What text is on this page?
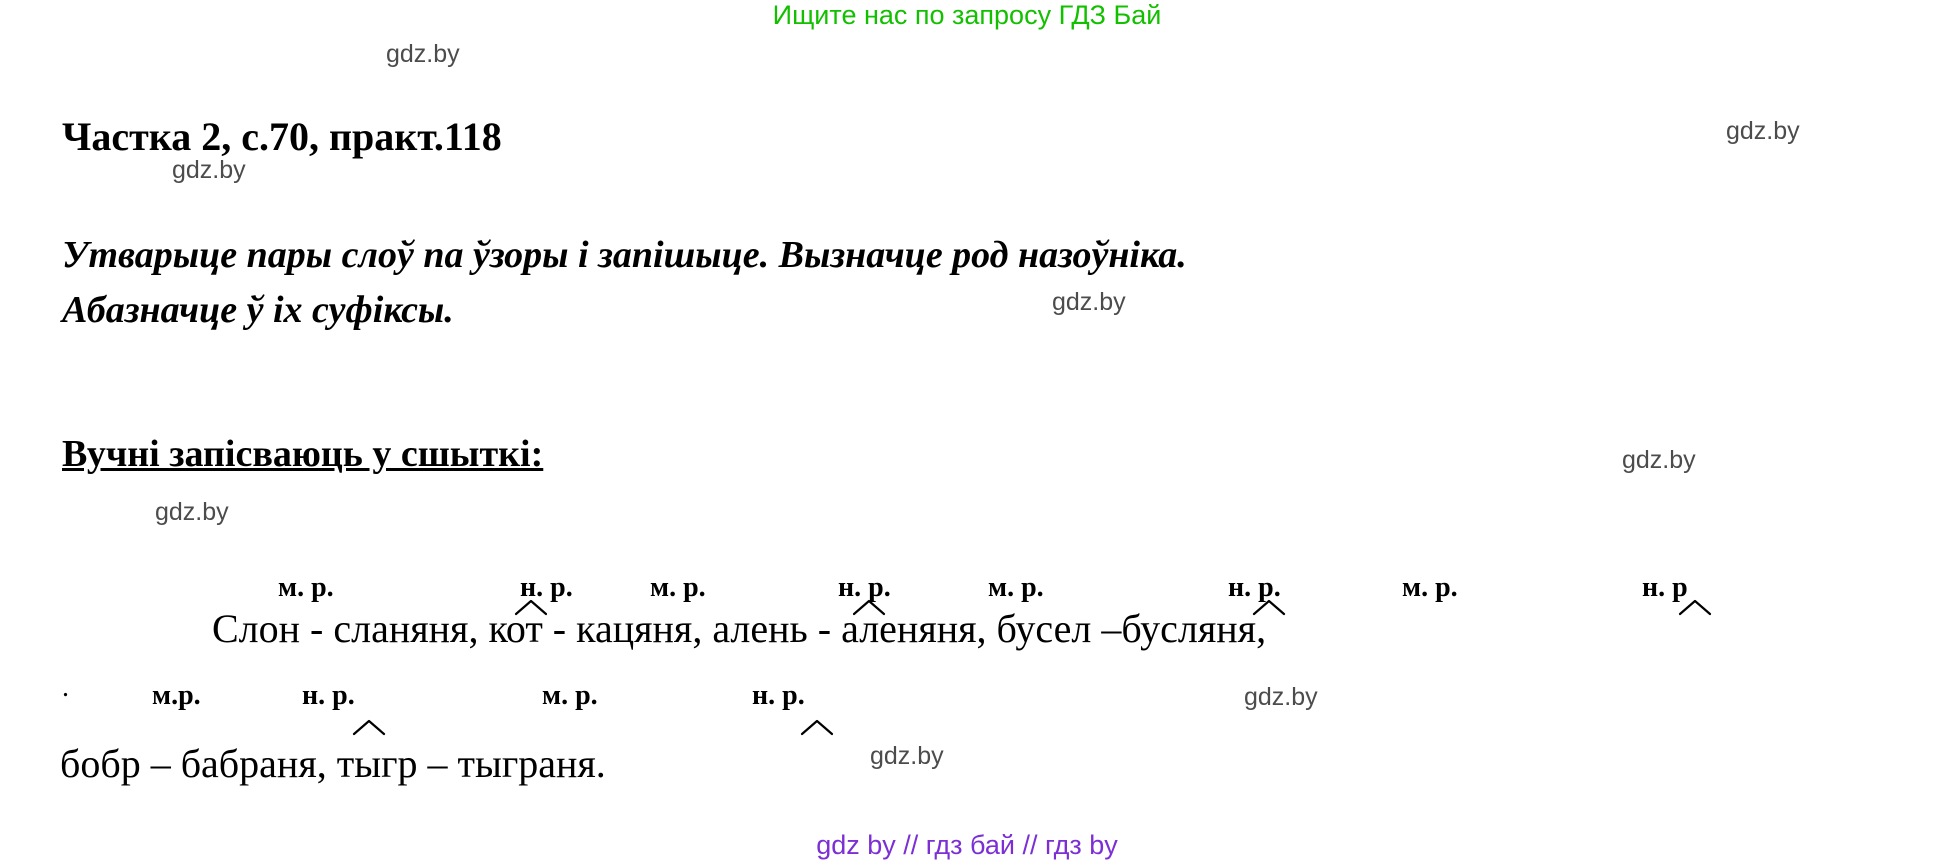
Ищите нас по запросу ГДЗ Бай
gdz.by
gdz.by
gdz.by
gdz.by
gdz.by
gdz.by
gdz.by
gdz.by
Частка 2, с.70, практ.118
Утварыце пары слоў па ўзоры і запішыце. Вызначце род назоўніка.
Абазначце ў іх суфіксы.
Вучні запісваюць у сшыткі:
м. р.	н. р.	м. р.	н. р.	м. р.	н. р.	м. р.	н. р
м.р.	н. р.	м. р.	н. р.
.
Слон - сланяня, кот - кацяня, алень - аленяня, бусел –бусляня,
бобр – бабраня, тыгр – тыграня.
gdz by // гдз бай // гдз by
